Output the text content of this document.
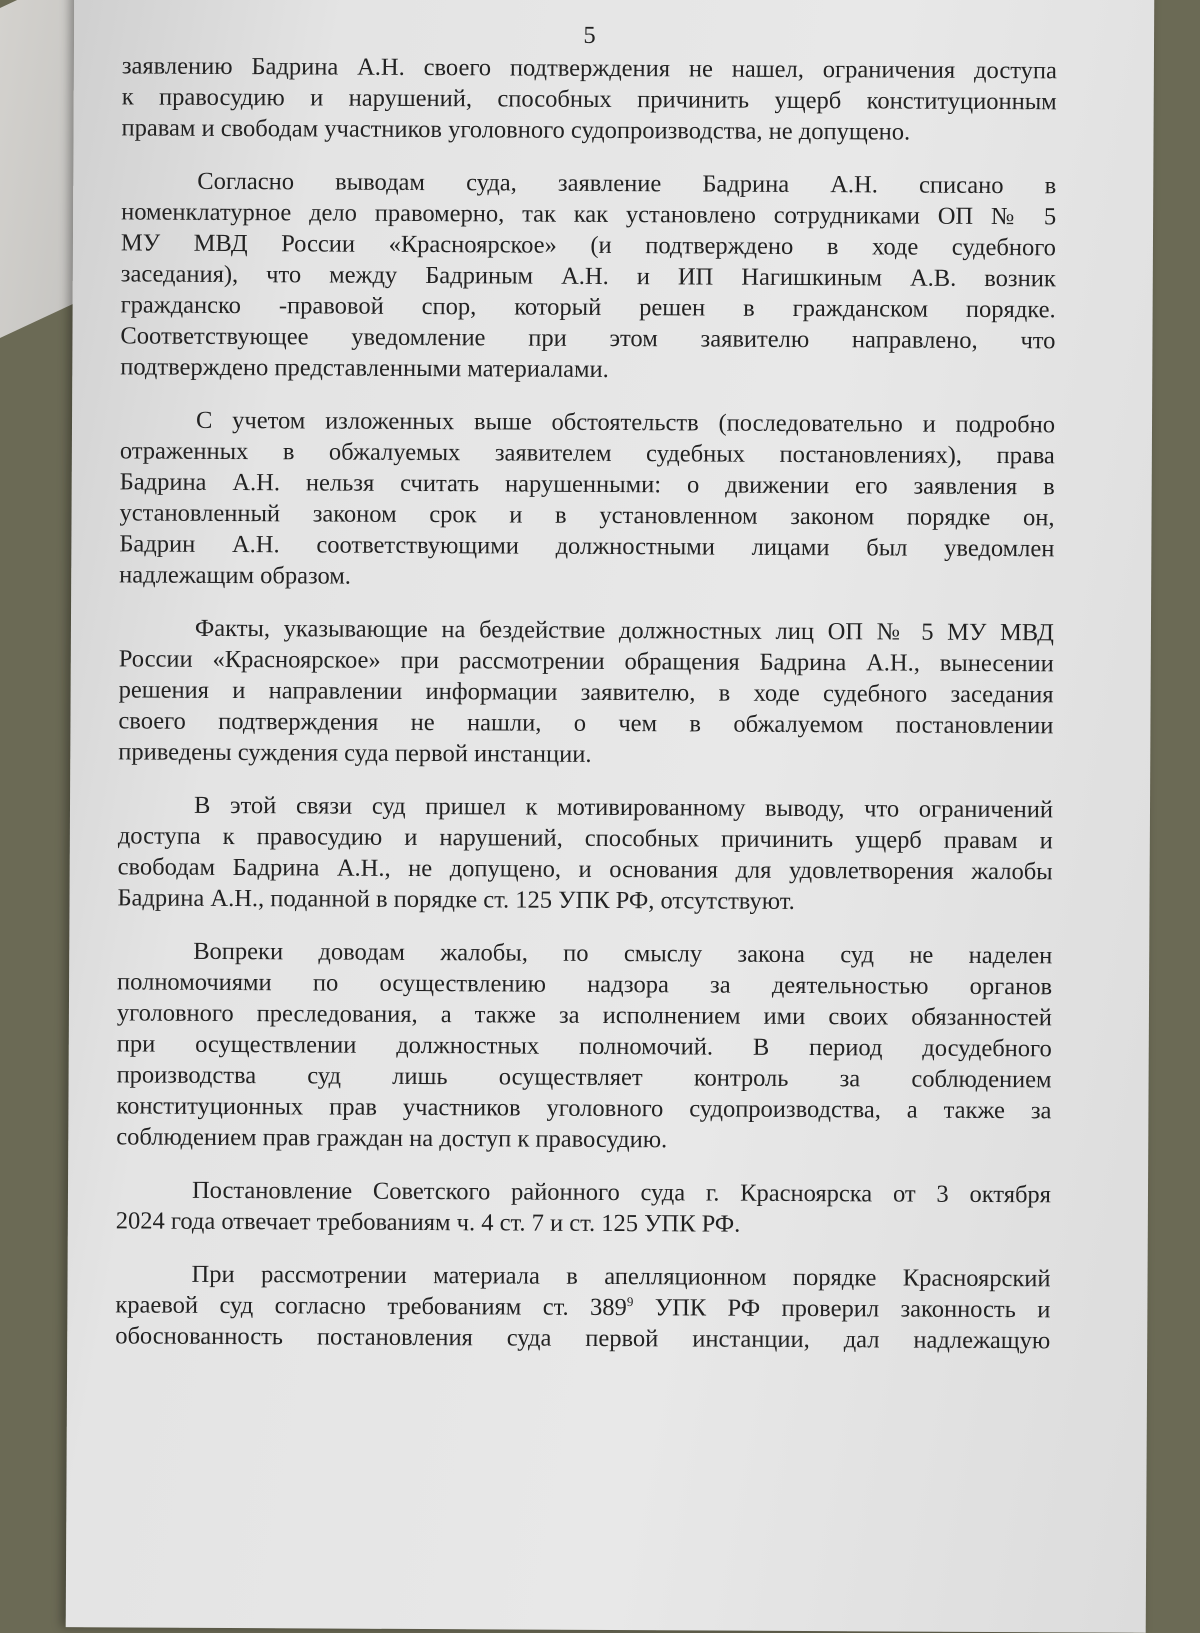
5
заявлению Бадрина А.Н. своего подтверждения не нашел, ограничения доступа
к правосудию и нарушений, способных причинить ущерб конституционным
правам и свободам участников уголовного судопроизводства, не допущено.
Согласно выводам суда, заявление Бадрина А.Н. списано в
номенклатурное дело правомерно, так как установлено сотрудниками ОП № 5
МУ МВД России «Красноярское» (и подтверждено в ходе судебного
заседания), что между Бадриным А.Н. и ИП Нагишкиным А.В. возник
гражданско -правовой спор, который решен в гражданском порядке.
Соответствующее уведомление при этом заявителю направлено, что
подтверждено представленными материалами.
С учетом изложенных выше обстоятельств (последовательно и подробно
отраженных в обжалуемых заявителем судебных постановлениях), права
Бадрина А.Н. нельзя считать нарушенными: о движении его заявления в
установленный законом срок и в установленном законом порядке он,
Бадрин А.Н. соответствующими должностными лицами был уведомлен
надлежащим образом.
Факты, указывающие на бездействие должностных лиц ОП № 5 МУ МВД
России «Красноярское» при рассмотрении обращения Бадрина А.Н., вынесении
решения и направлении информации заявителю, в ходе судебного заседания
своего подтверждения не нашли, о чем в обжалуемом постановлении
приведены суждения суда первой инстанции.
В этой связи суд пришел к мотивированному выводу, что ограничений
доступа к правосудию и нарушений, способных причинить ущерб правам и
свободам Бадрина А.Н., не допущено, и основания для удовлетворения жалобы
Бадрина А.Н., поданной в порядке ст. 125 УПК РФ, отсутствуют.
Вопреки доводам жалобы, по смыслу закона суд не наделен
полномочиями по осуществлению надзора за деятельностью органов
уголовного преследования, а также за исполнением ими своих обязанностей
при осуществлении должностных полномочий. В период досудебного
производства суд лишь осуществляет контроль за соблюдением
конституционных прав участников уголовного судопроизводства, а также за
соблюдением прав граждан на доступ к правосудию.
Постановление Советского районного суда г. Красноярска от 3 октября
2024 года отвечает требованиям ч. 4 ст. 7 и ст. 125 УПК РФ.
При рассмотрении материала в апелляционном порядке Красноярский
краевой суд согласно требованиям ст. $389^9$ УПК РФ проверил законность и
обоснованность постановления суда первой инстанции, дал надлежащую
